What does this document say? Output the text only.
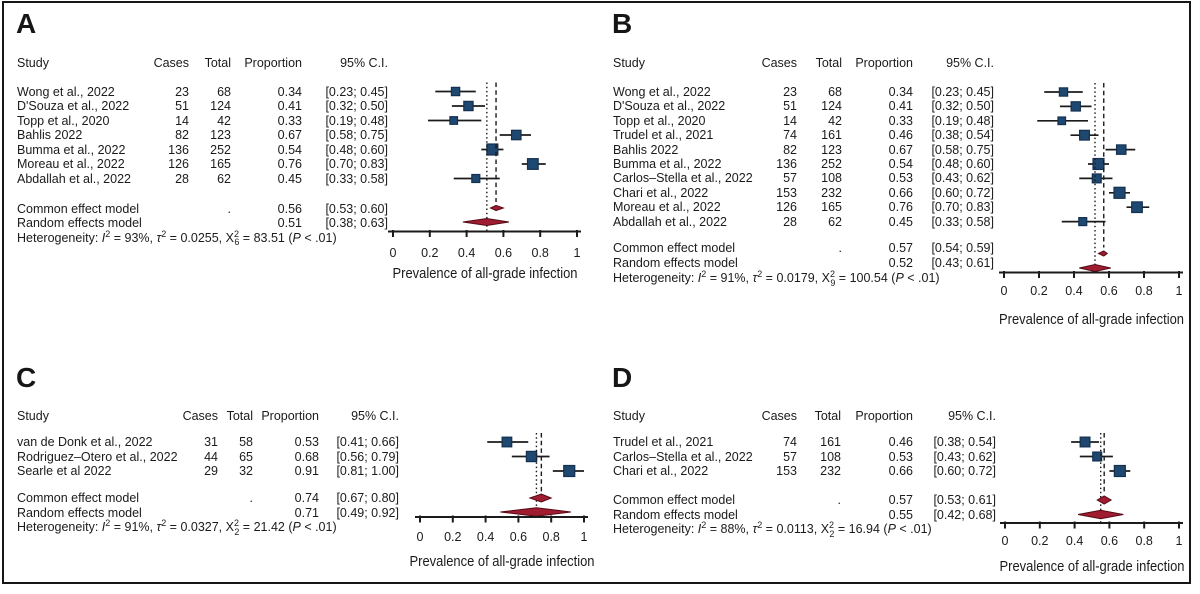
A
Study	Cases Total Proportion	95% C.I.
Wong et al., 2022	23 68	0.34 [0.23; 0.45]
D'Souza et al., 2022	51 124	0.41 [0.32; 0.50]
Topp et al., 2020	14 42	0.33 [0.19; 0.48]
Bahlis 2022	82 123	0.67 [0.58; 0.75]
Bumma et al., 2022	136 252	0.54 [0.48; 0.60]
Moreau et al., 2022	126 165	0.76 [0.70; 0.83]
Abdallah et al., 2022	28 62	0.45 [0.33; 0.58]
Common effect model	.	0.56 [0.53; 0.60]
Random effects model	0.51 [0.38; 0.63]
Heterogeneity: $I^2 = 93\%$, $\tau^2 = 0.0255$, $X^2_6 = 83.51$ (P < .01)
B
Study	Cases Total Proportion	95% C.I.
Wong et al., 2022	23 68	0.34 [0.23; 0.45]
D'Souza et al., 2022	51 124	0.41 [0.32; 0.50]
Topp et al., 2020	14 42	0.33 [0.19; 0.48]
Trudel et al., 2021	74 161	0.46 [0.38; 0.54]
Bahlis 2022	82 123	0.67 [0.58; 0.75]
Bumma et al., 2022	136 252	0.54 [0.48; 0.60]
Carlos–Stella et al., 2022 57 108	0.53 [0.43; 0.62]
Chari et al., 2022	153 232	0.66 [0.60; 0.72]
Moreau et al., 2022	126 165	0.76 [0.70; 0.83]
Abdallah et al., 2022	28 62	0.45 [0.33; 0.58]
Common effect model	.	0.57 [0.54; 0.59]
Random effects model	0.52 [0.43; 0.61]
Heterogeneity: $I^2 = 91\%$, $\tau^2 = 0.0179$, $X^2_9 = 100.54$ (P < .01)
C
Study	Cases Total Proportion	95% C.I.
van de Donk et al., 2022	31 58	0.53 [0.41; 0.66]
Rodriguez–Otero et al., 2022 44 65	0.68 [0.56; 0.79]
Searle et al 2022	29 32	0.91 [0.81; 1.00]
Common effect model	.	0.74 [0.67; 0.80]
Random effects model	0.71 [0.49; 0.92]
Heterogeneity: $I^2 = 91\%$, $\tau^2 = 0.0327$, $X^2_2 = 21.42$ (P < .01)
D
Study	Cases Total Proportion	95% C.I.
Trudel et al., 2021	74 161	0.46 [0.38; 0.54]
Carlos–Stella et al., 2022 57 108	0.53 [0.43; 0.62]
Chari et al., 2022	153 232	0.66 [0.60; 0.72]
Common effect model	.	0.57 [0.53; 0.61]
Random effects model	0.55 [0.42; 0.68]
Heterogeneity: $I^2 = 88\%$, $\tau^2 = 0.0113$, $X^2_2 = 16.94$ (P < .01)
0 0.2 0.4 0.6 0.8 1
Prevalence of all-grade infection
0 0.2 0.4 0.6 0.8 1
Prevalence of all-grade infection
0 0.2 0.4 0.6 0.8 1
Prevalence of all-grade infection
0 0.2 0.4 0.6 0.8 1
Prevalence of all-grade infection
